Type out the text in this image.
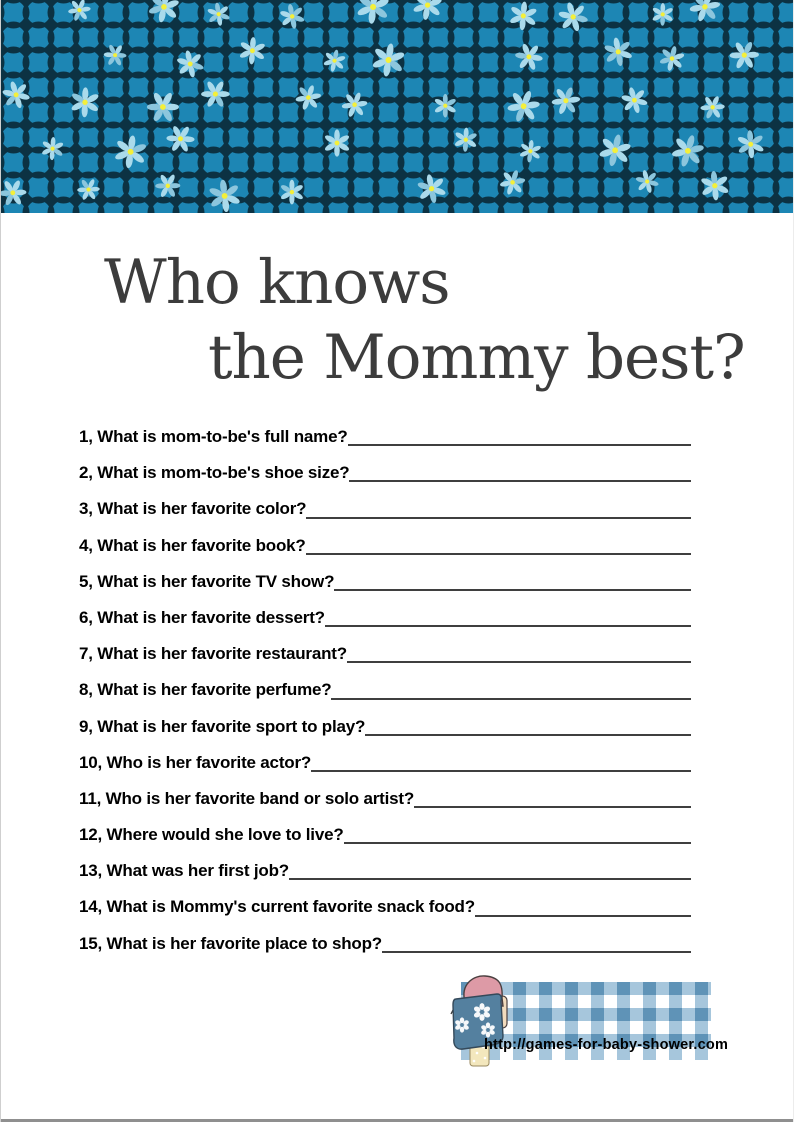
Who knows
the Mommy best?
1, What is mom-to-be's full name?
2, What is mom-to-be's shoe size?
3, What is her favorite color?
4, What is her favorite book?
5, What is her favorite TV show?
6, What is her favorite dessert?
7, What is her favorite restaurant?
8, What is her favorite perfume?
9, What is her favorite sport to play?
10, Who is her favorite actor?
11, Who is her favorite band or solo artist?
12, Where would she love to live?
13, What was her first job?
14, What is Mommy's current favorite snack food?
15, What is her favorite place to shop?
http://games-for-baby-shower.com
